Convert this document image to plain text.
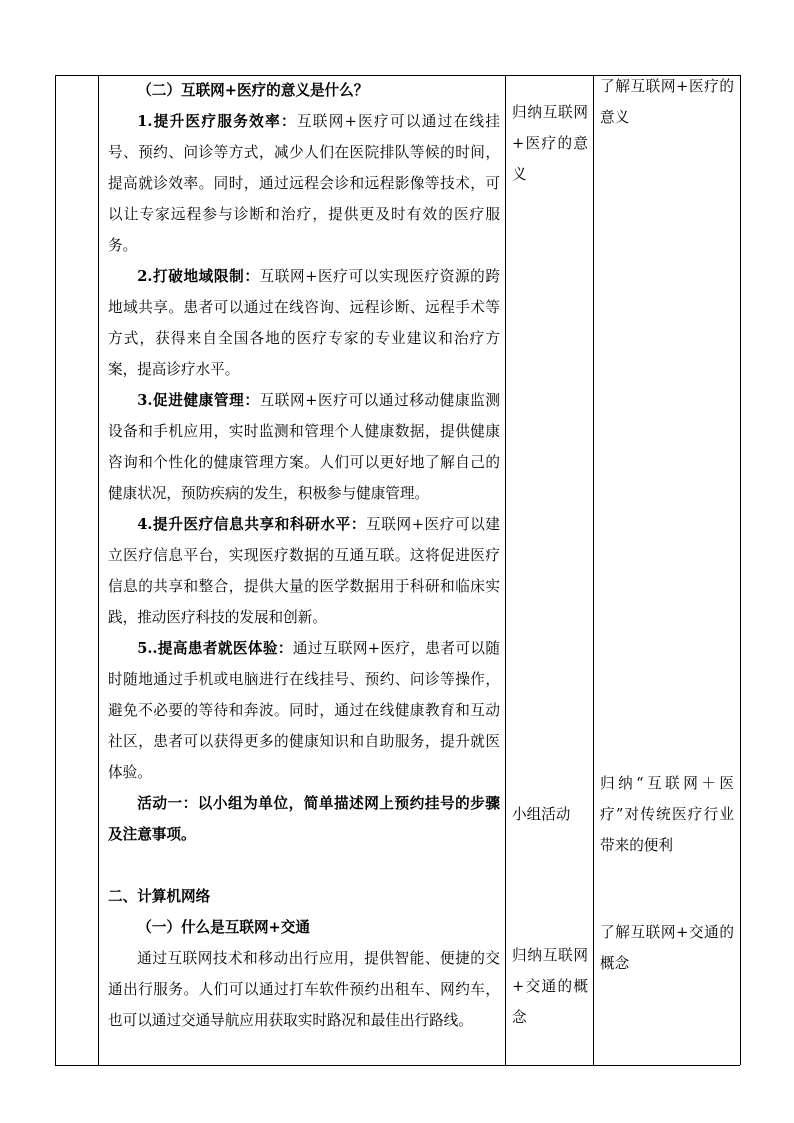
（二）互联网+医疗的意义是什么？

1.提升医疗服务效率：互联网+医疗可以通过在线挂号、预约、问诊等方式，减少人们在医院排队等候的时间，提高就诊效率。同时，通过远程会诊和远程影像等技术，可以让专家远程参与诊断和治疗，提供更及时有效的医疗服务。

2.打破地域限制：互联网+医疗可以实现医疗资源的跨地域共享。患者可以通过在线咨询、远程诊断、远程手术等方式，获得来自全国各地的医疗专家的专业建议和治疗方案，提高诊疗水平。

3.促进健康管理：互联网+医疗可以通过移动健康监测设备和手机应用，实时监测和管理个人健康数据，提供健康咨询和个性化的健康管理方案。人们可以更好地了解自己的健康状况，预防疾病的发生，积极参与健康管理。

4.提升医疗信息共享和科研水平：互联网+医疗可以建立医疗信息平台，实现医疗数据的互通互联。这将促进医疗信息的共享和整合，提供大量的医学数据用于科研和临床实践，推动医疗科技的发展和创新。

5..提高患者就医体验：通过互联网+医疗，患者可以随时随地通过手机或电脑进行在线挂号、预约、问诊等操作，避免不必要的等待和奔波。同时，通过在线健康教育和互动社区，患者可以获得更多的健康知识和自助服务，提升就医体验。

活动一：以小组为单位，简单描述网上预约挂号的步骤及注意事项。

二、计算机网络

（一）什么是互联网+交通

通过互联网技术和移动出行应用，提供智能、便捷的交通出行服务。人们可以通过打车软件预约出租车、网约车，也可以通过交通导航应用获取实时路况和最佳出行路线。

归纳互联网+医疗的意义

小组活动

归纳互联网+交通的概念

了解互联网+医疗的意义

归纳“互联网＋医疗”对传统医疗行业带来的便利

了解互联网+交通的概念
